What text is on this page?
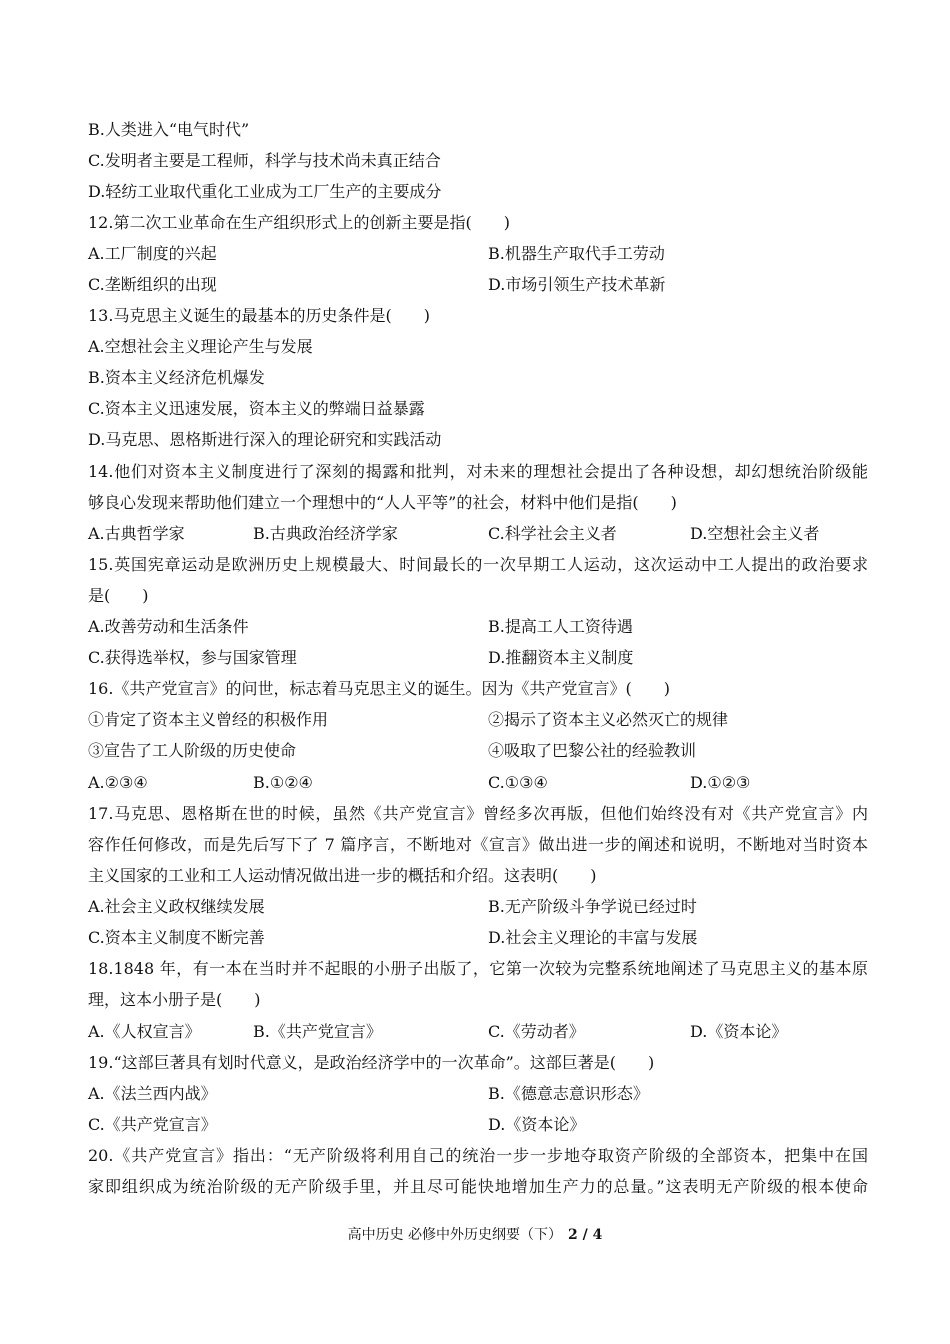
B.人类进入“电气时代”
C.发明者主要是工程师，科学与技术尚未真正结合
D.轻纺工业取代重化工业成为工厂生产的主要成分
12.第二次工业革命在生产组织形式上的创新主要是指(　　)
A.工厂制度的兴起	B.机器生产取代手工劳动
C.垄断组织的出现	D.市场引领生产技术革新
13.马克思主义诞生的最基本的历史条件是(　　)
A.空想社会主义理论产生与发展
B.资本主义经济危机爆发
C.资本主义迅速发展，资本主义的弊端日益暴露
D.马克思、恩格斯进行深入的理论研究和实践活动
14.他们对资本主义制度进行了深刻的揭露和批判，对未来的理想社会提出了各种设想，却幻想统治阶级能
够良心发现来帮助他们建立一个理想中的“人人平等”的社会，材料中他们是指(　　)
A.古典哲学家	B.古典政治经济学家	C.科学社会主义者	D.空想社会主义者
15.英国宪章运动是欧洲历史上规模最大、时间最长的一次早期工人运动，这次运动中工人提出的政治要求
是(　　)
A.改善劳动和生活条件	B.提高工人工资待遇
C.获得选举权，参与国家管理	D.推翻资本主义制度
16.《共产党宣言》的问世，标志着马克思主义的诞生。因为《共产党宣言》(　　)
①肯定了资本主义曾经的积极作用	②揭示了资本主义必然灭亡的规律
③宣告了工人阶级的历史使命	④吸取了巴黎公社的经验教训
A.②③④	B.①②④	C.①③④	D.①②③
17.马克思、恩格斯在世的时候，虽然《共产党宣言》曾经多次再版，但他们始终没有对《共产党宣言》内
容作任何修改，而是先后写下了 7 篇序言，不断地对《宣言》做出进一步的阐述和说明，不断地对当时资本
主义国家的工业和工人运动情况做出进一步的概括和介绍。这表明(　　)
A.社会主义政权继续发展	B.无产阶级斗争学说已经过时
C.资本主义制度不断完善	D.社会主义理论的丰富与发展
18.1848 年，有一本在当时并不起眼的小册子出版了，它第一次较为完整系统地阐述了马克思主义的基本原
理，这本小册子是(　　)
A.《人权宣言》	B.《共产党宣言》	C.《劳动者》	D.《资本论》
19.“这部巨著具有划时代意义，是政治经济学中的一次革命”。这部巨著是(　　)
A.《法兰西内战》	B.《德意志意识形态》
C.《共产党宣言》	D.《资本论》
20.《共产党宣言》指出：“无产阶级将利用自己的统治一步一步地夺取资产阶级的全部资本，把集中在国
家即组织成为统治阶级的无产阶级手里，并且尽可能快地增加生产力的总量。”这表明无产阶级的根本使命
高中历史 必修中外历史纲要（下） 2 / 4
